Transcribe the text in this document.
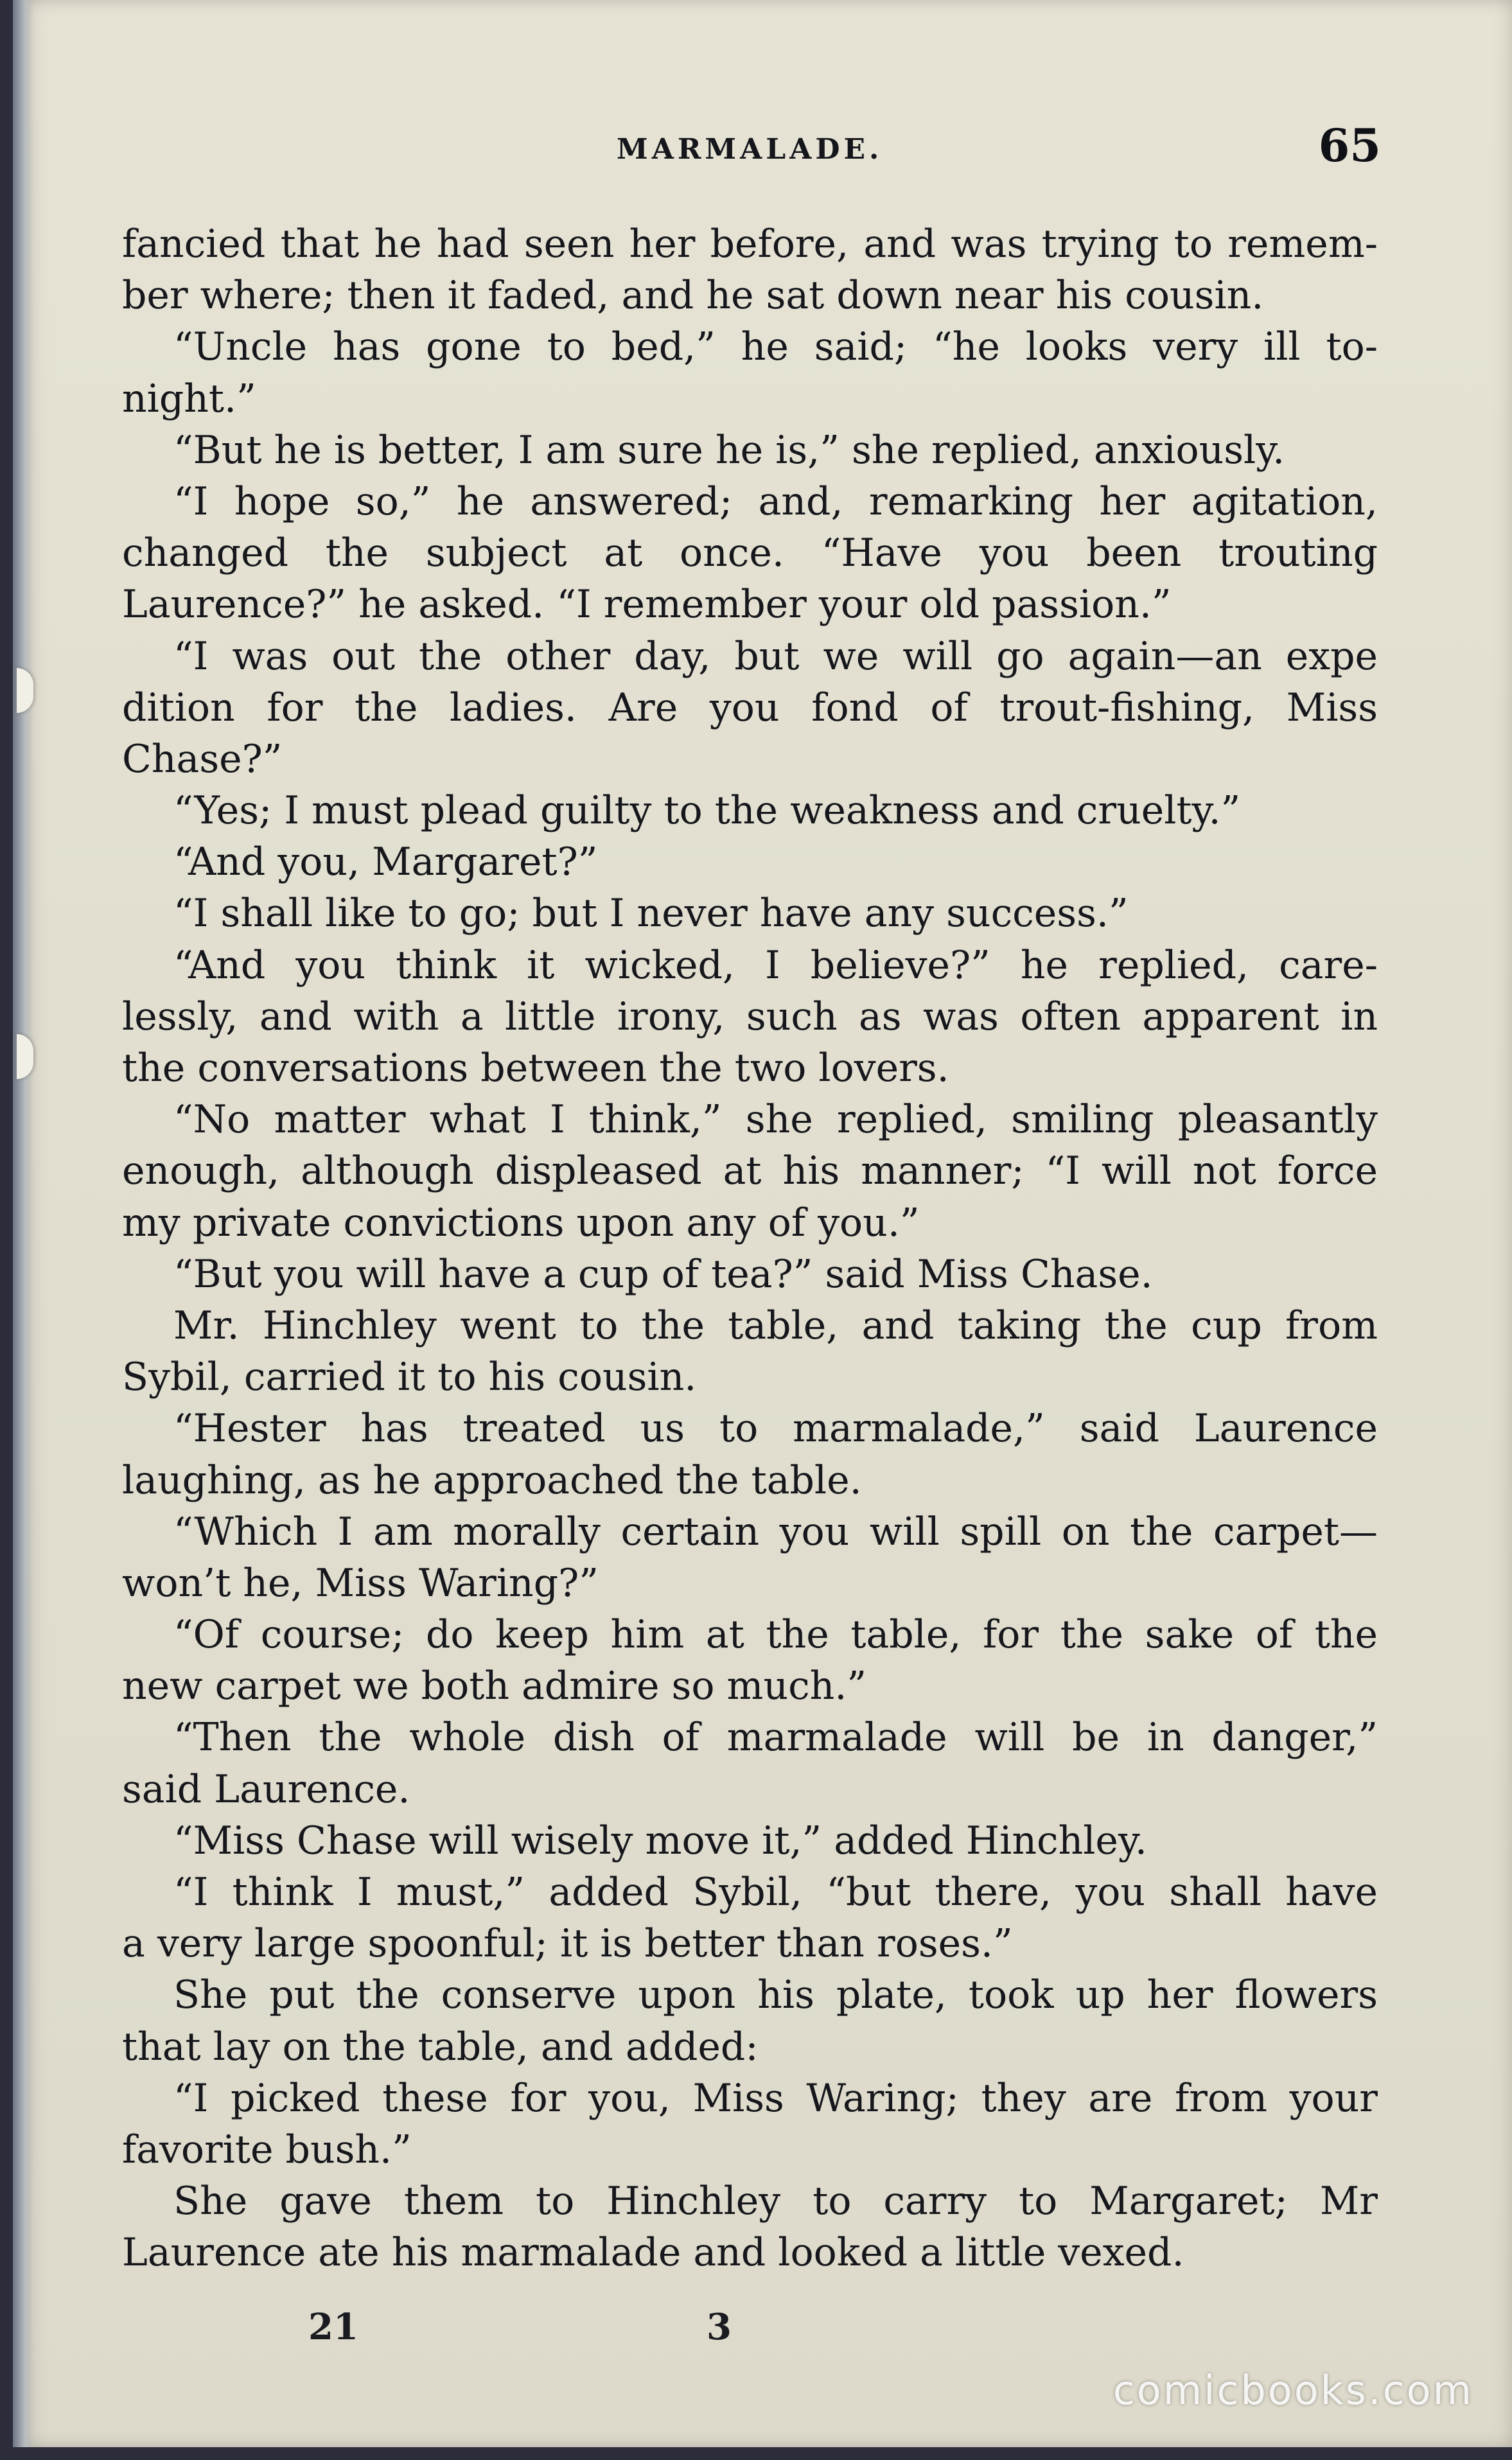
MARMALADE.	65
fancied that he had seen her before, and was trying to remem-
ber where; then it faded, and he sat down near his cousin.
“Uncle has gone to bed,” he said; “he looks very ill to-
night.”
“But he is better, I am sure he is,” she replied, anxiously.
“I hope so,” he answered; and, remarking her agitation,
changed the subject at once. “Have you been trouting
Laurence?” he asked. “I remember your old passion.”
“I was out the other day, but we will go again—an expe
dition for the ladies. Are you fond of trout-fishing, Miss
Chase?”
“Yes; I must plead guilty to the weakness and cruelty.”
“And you, Margaret?”
“I shall like to go; but I never have any success.”
“And you think it wicked, I believe?” he replied, care-
lessly, and with a little irony, such as was often apparent in
the conversations between the two lovers.
“No matter what I think,” she replied, smiling pleasantly
enough, although displeased at his manner; “I will not force
my private convictions upon any of you.”
“But you will have a cup of tea?” said Miss Chase.
Mr. Hinchley went to the table, and taking the cup from
Sybil, carried it to his cousin.
“Hester has treated us to marmalade,” said Laurence
laughing, as he approached the table.
“Which I am morally certain you will spill on the carpet—
won’t he, Miss Waring?”
“Of course; do keep him at the table, for the sake of the
new carpet we both admire so much.”
“Then the whole dish of marmalade will be in danger,”
said Laurence.
“Miss Chase will wisely move it,” added Hinchley.
“I think I must,” added Sybil, “but there, you shall have
a very large spoonful; it is better than roses.”
She put the conserve upon his plate, took up her flowers
that lay on the table, and added:
“I picked these for you, Miss Waring; they are from your
favorite bush.”
She gave them to Hinchley to carry to Margaret; Mr
Laurence ate his marmalade and looked a little vexed.
21	3
comicbooks.com
